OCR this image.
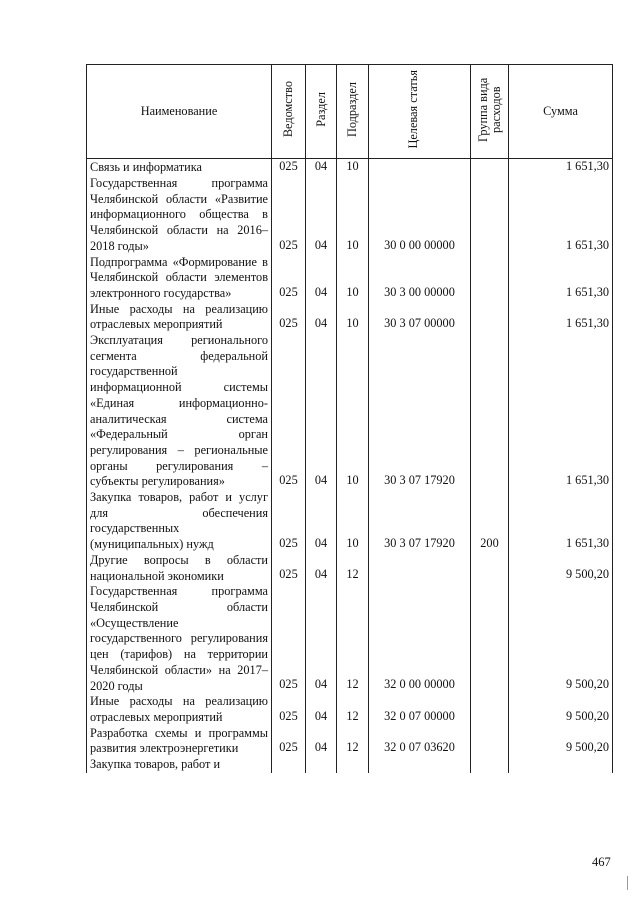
Наименование	Ведомство	Раздел	Подраздел	Целевая статья	Группа вида расходов	Сумма
Связь и информатика	025	04	10			1 651,30
Государственная программа Челябинской области «Развитие информационного общества в Челябинской области на 2016–2018 годы»	025	04	10	30 0 00 00000		1 651,30
Подпрограмма «Формирование в Челябинской области элементов электронного государства»	025	04	10	30 3 00 00000		1 651,30
Иные расходы на реализацию отраслевых мероприятий	025	04	10	30 3 07 00000		1 651,30
Эксплуатация регионального сегмента федеральной государственной информационной системы «Единая информационно-аналитическая система «Федеральный орган регулирования – региональные органы регулирования – субъекты регулирования»	025	04	10	30 3 07 17920		1 651,30
Закупка товаров, работ и услуг для обеспечения государственных (муниципальных) нужд	025	04	10	30 3 07 17920	200	1 651,30
Другие вопросы в области национальной экономики	025	04	12			9 500,20
Государственная программа Челябинской области «Осуществление государственного регулирования цен (тарифов) на территории Челябинской области» на 2017–2020 годы	025	04	12	32 0 00 00000		9 500,20
Иные расходы на реализацию отраслевых мероприятий	025	04	12	32 0 07 00000		9 500,20
Разработка схемы и программы развития электроэнергетики	025	04	12	32 0 07 03620		9 500,20
Закупка товаров, работ и						
467
